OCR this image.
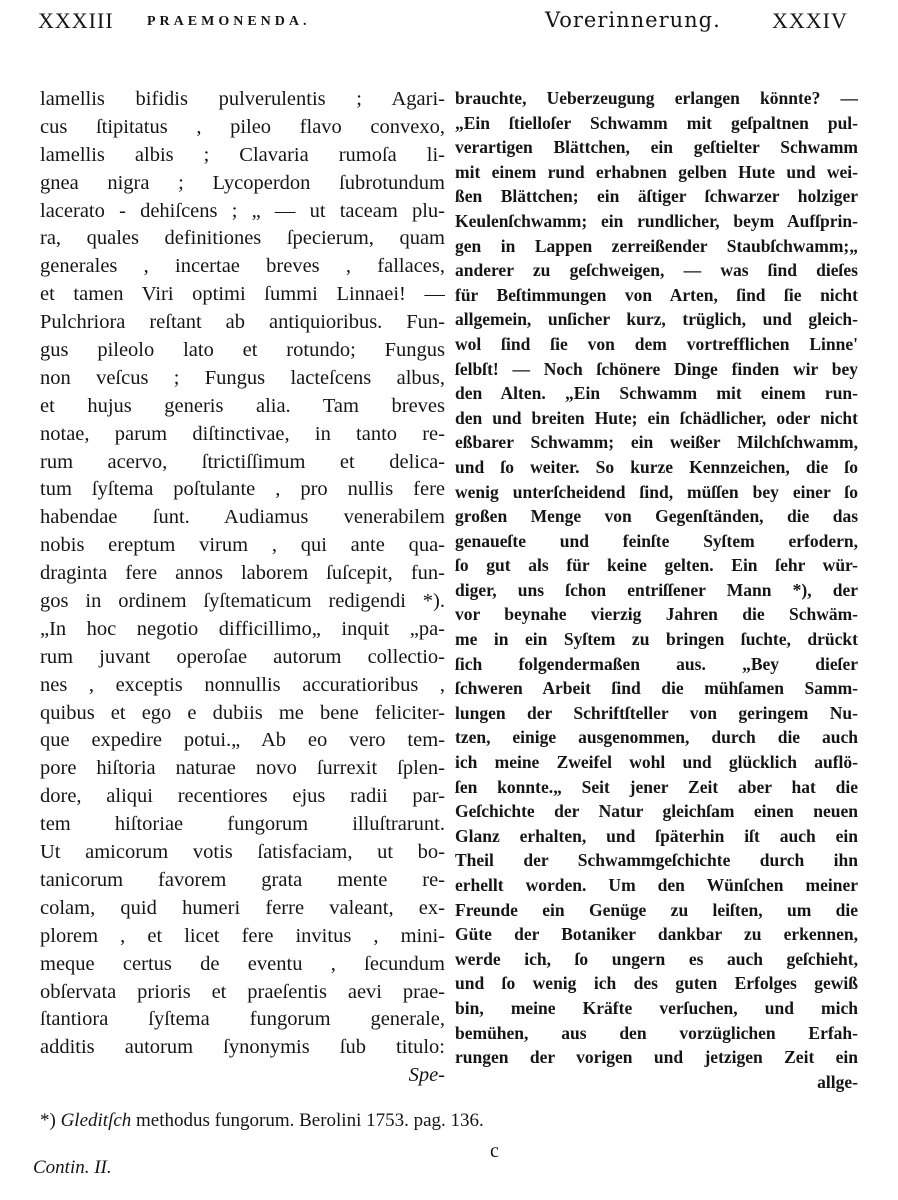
XXXIII PRAEMONENDA.	Vorerinnerung. XXXIV
lamellis bifidis pulverulentis ; Agari-
cus ſtipitatus , pileo flavo convexo,
lamellis albis ; Clavaria rumoſa li-
gnea nigra ; Lycoperdon ſubrotundum
lacerato - dehiſcens ; „ — ut taceam plu-
ra, quales definitiones ſpecierum, quam
generales , incertae breves , fallaces,
et tamen Viri optimi ſummi Linnaei! —
Pulchriora reſtant ab antiquioribus. Fun-
gus pileolo lato et rotundo; Fungus
non veſcus ; Fungus lacteſcens albus,
et hujus generis alia. Tam breves
notae, parum diſtinctivae, in tanto re-
rum acervo, ſtrictiſſimum et delica-
tum ſyſtema poſtulante , pro nullis fere
habendae ſunt. Audiamus venerabilem
nobis ereptum virum , qui ante qua-
draginta fere annos laborem ſuſcepit, fun-
gos in ordinem ſyſtematicum redigendi *).
„In hoc negotio difficillimo„ inquit „pa-
rum juvant operoſae autorum collectio-
nes , exceptis nonnullis accuratioribus ,
quibus et ego e dubiis me bene feliciter-
que expedire potui.„ Ab eo vero tem-
pore hiſtoria naturae novo ſurrexit ſplen-
dore, aliqui recentiores ejus radii par-
tem hiſtoriae fungorum illuſtrarunt.
Ut amicorum votis ſatisfaciam, ut bo-
tanicorum favorem grata mente re-
colam, quid humeri ferre valeant, ex-
plorem , et licet fere invitus , mini-
meque certus de eventu , ſecundum
obſervata prioris et praeſentis aevi prae-
ſtantiora ſyſtema fungorum generale,
additis autorum ſynonymis ſub titulo:
Spe-
brauchte, Ueberzeugung erlangen könnte? —
„Ein ſtielloſer Schwamm mit geſpaltnen pul-
verartigen Blättchen, ein geſtielter Schwamm
mit einem rund erhabnen gelben Hute und wei-
ßen Blättchen; ein äſtiger ſchwarzer holziger
Keulenſchwamm; ein rundlicher, beym Aufſprin-
gen in Lappen zerreißender Staubſchwamm;„
anderer zu geſchweigen, — was ſind dieſes
für Beſtimmungen von Arten, ſind ſie nicht
allgemein, unſicher kurz, trüglich, und gleich-
wol ſind ſie von dem vortrefflichen Linne'
ſelbſt! — Noch ſchönere Dinge finden wir bey
den Alten. „Ein Schwamm mit einem run-
den und breiten Hute; ein ſchädlicher, oder nicht
eßbarer Schwamm; ein weißer Milchſchwamm,
und ſo weiter. So kurze Kennzeichen, die ſo
wenig unterſcheidend ſind, müſſen bey einer ſo
großen Menge von Gegenſtänden, die das
genaueſte und feinſte Syſtem erfodern,
ſo gut als für keine gelten. Ein ſehr wür-
diger, uns ſchon entriſſener Mann *), der
vor beynahe vierzig Jahren die Schwäm-
me in ein Syſtem zu bringen ſuchte, drückt
ſich folgendermaßen aus. „Bey dieſer
ſchweren Arbeit ſind die mühſamen Samm-
lungen der Schriftſteller von geringem Nu-
tzen, einige ausgenommen, durch die auch
ich meine Zweifel wohl und glücklich auflö-
ſen konnte.„ Seit jener Zeit aber hat die
Geſchichte der Natur gleichſam einen neuen
Glanz erhalten, und ſpäterhin iſt auch ein
Theil der Schwammgeſchichte durch ihn
erhellt worden. Um den Wünſchen meiner
Freunde ein Genüge zu leiſten, um die
Güte der Botaniker dankbar zu erkennen,
werde ich, ſo ungern es auch geſchieht,
und ſo wenig ich des guten Erfolges gewiß
bin, meine Kräfte verſuchen, und mich
bemühen, aus den vorzüglichen Erfah-
rungen der vorigen und jetzigen Zeit ein
allge-
*) Gleditſch methodus fungorum. Berolini 1753. pag. 136.
c
Contin. II.
